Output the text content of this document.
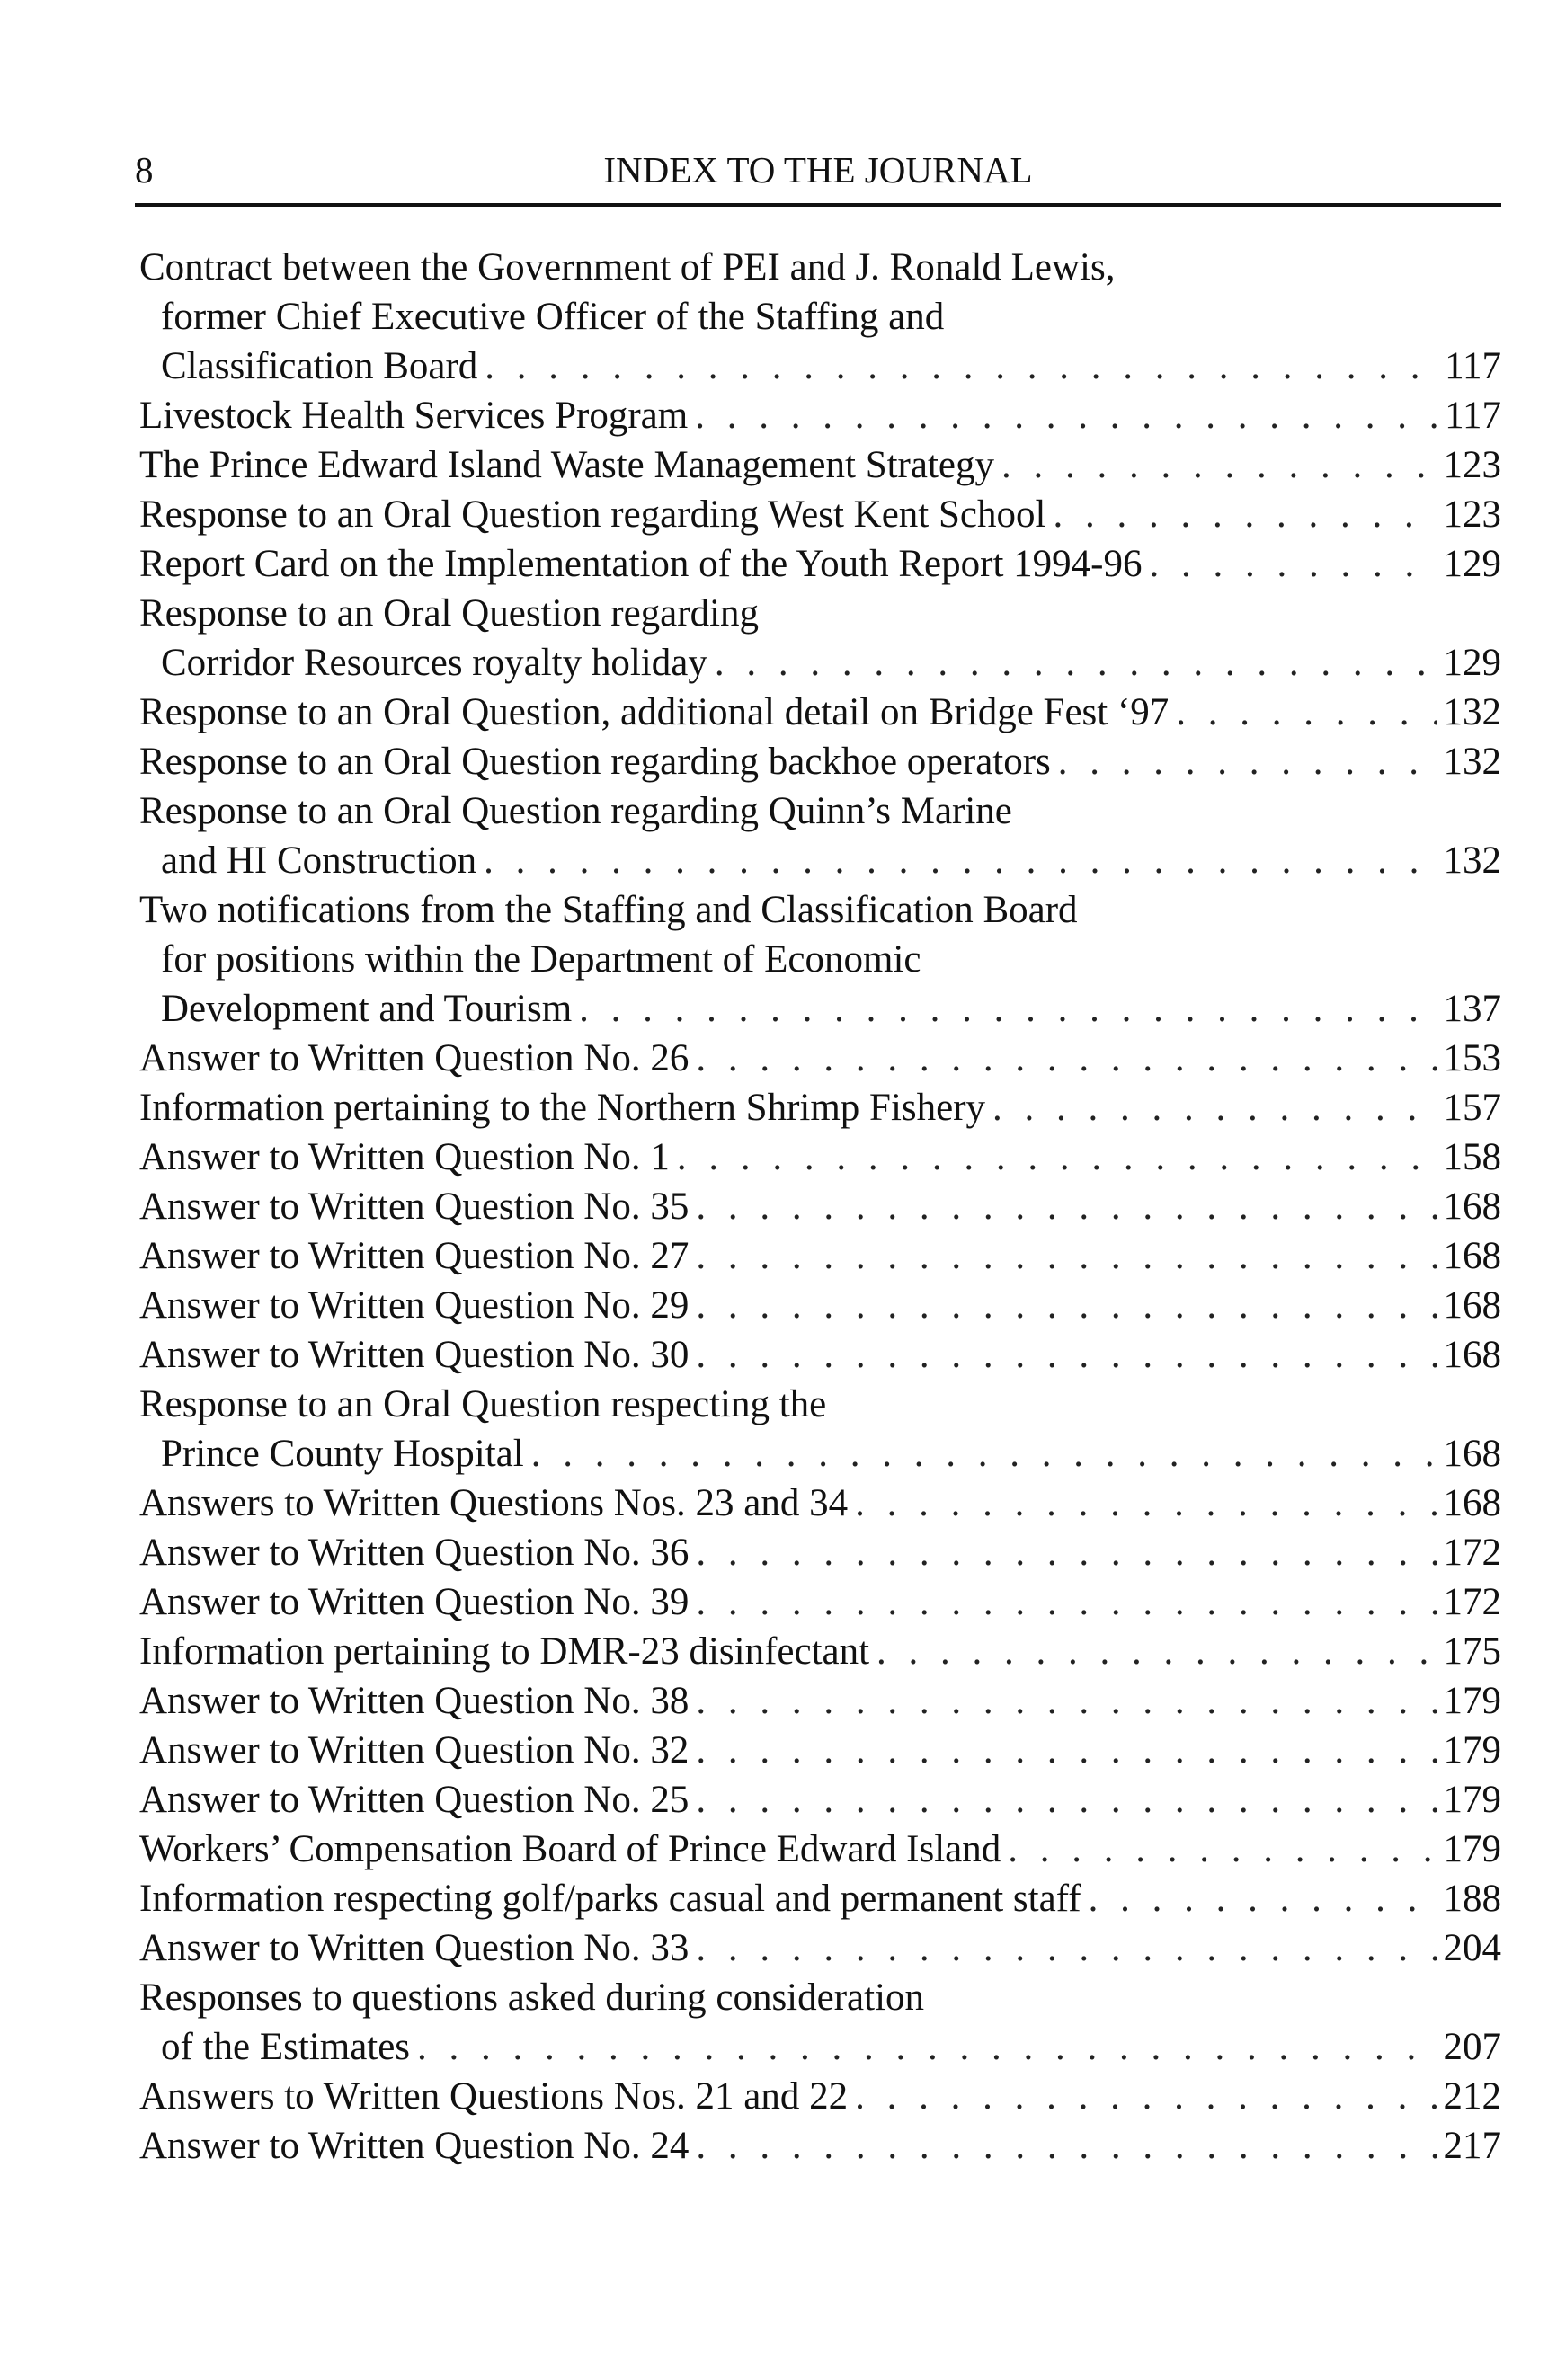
8	INDEX TO THE JOURNAL
Contract between the Government of PEI and J. Ronald Lewis,
former Chief Executive Officer of the Staffing and
Classification Board . . .	117
Livestock Health Services Program . . .	117
The Prince Edward Island Waste Management Strategy . . .	123
Response to an Oral Question regarding West Kent School . . .	123
Report Card on the Implementation of the Youth Report 1994-96 . . .	129
Response to an Oral Question regarding
Corridor Resources royalty holiday . . .	129
Response to an Oral Question, additional detail on Bridge Fest ‘97 . . .	132
Response to an Oral Question regarding backhoe operators . . .	132
Response to an Oral Question regarding Quinn’s Marine
and HI Construction . . .	132
Two notifications from the Staffing and Classification Board
for positions within the Department of Economic
Development and Tourism . . .	137
Answer to Written Question No. 26 . . .	153
Information pertaining to the Northern Shrimp Fishery . . .	157
Answer to Written Question No. 1 . . .	158
Answer to Written Question No. 35 . . .	168
Answer to Written Question No. 27 . . .	168
Answer to Written Question No. 29 . . .	168
Answer to Written Question No. 30 . . .	168
Response to an Oral Question respecting the
Prince County Hospital . . .	168
Answers to Written Questions Nos. 23 and 34 . . .	168
Answer to Written Question No. 36 . . .	172
Answer to Written Question No. 39 . . .	172
Information pertaining to DMR-23 disinfectant . . .	175
Answer to Written Question No. 38 . . .	179
Answer to Written Question No. 32 . . .	179
Answer to Written Question No. 25 . . .	179
Workers’ Compensation Board of Prince Edward Island . . .	179
Information respecting golf/parks casual and permanent staff . . .	188
Answer to Written Question No. 33 . . .	204
Responses to questions asked during consideration
of the Estimates . . .	207
Answers to Written Questions Nos. 21 and 22 . . .	212
Answer to Written Question No. 24 . . .	217
